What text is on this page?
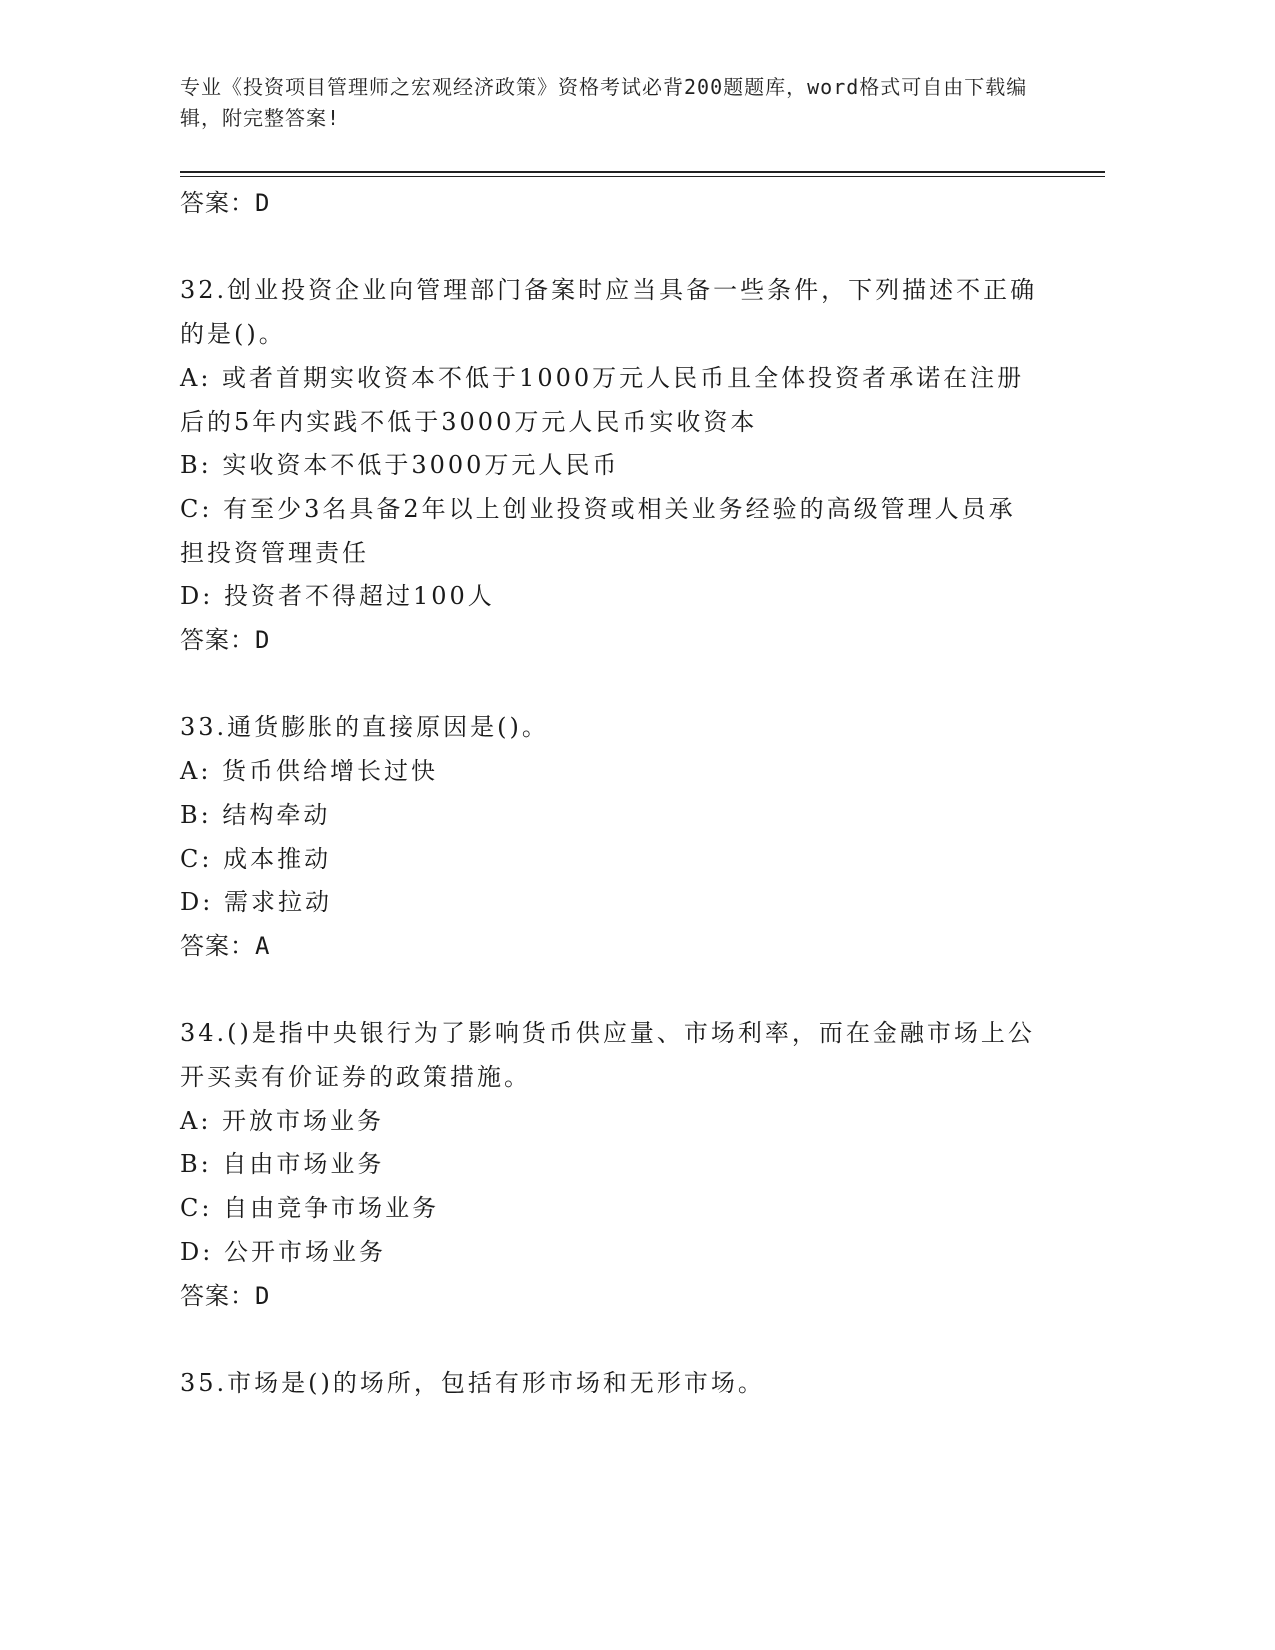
专业《投资项目管理师之宏观经济政策》资格考试必背200题题库，word格式可自由下载编辑，附完整答案!
答案：D
32.创业投资企业向管理部门备案时应当具备一些条件，下列描述不正确的是()。
A: 或者首期实收资本不低于1000万元人民币且全体投资者承诺在注册后的5年内实践不低于3000万元人民币实收资本
B: 实收资本不低于3000万元人民币
C: 有至少3名具备2年以上创业投资或相关业务经验的高级管理人员承担投资管理责任
D: 投资者不得超过100人
答案：D
33.通货膨胀的直接原因是()。
A: 货币供给增长过快
B: 结构牵动
C: 成本推动
D: 需求拉动
答案：A
34.()是指中央银行为了影响货币供应量、市场利率，而在金融市场上公开买卖有价证券的政策措施。
A: 开放市场业务
B: 自由市场业务
C: 自由竞争市场业务
D: 公开市场业务
答案：D
35.市场是()的场所，包括有形市场和无形市场。
